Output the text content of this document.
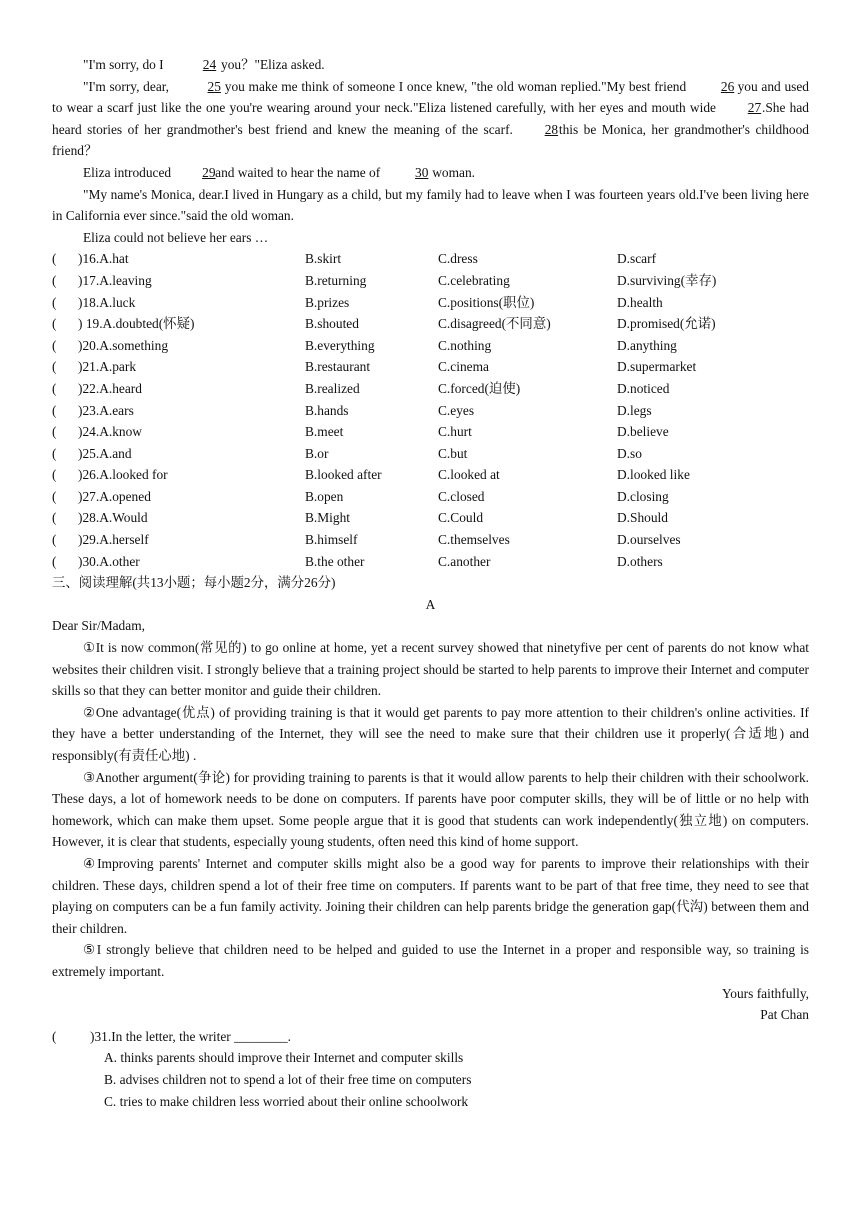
"I'm sorry, do I	24 you？"Eliza asked.

"I'm sorry, dear,	25 you make me think of someone I once knew, "the old woman replied."My best friend 26 you and used to wear a scarf just like the one you're wearing around your neck."Eliza listened carefully, with her eyes and mouth wide 27.She had heard stories of her grandmother's best friend and knew the meaning of the scarf. 28this be Monica, her grandmother's childhood friend？

Eliza introduced 29and waited to hear the name of	30 woman.

"My name's Monica, dear.I lived in Hungary as a child, but my family had to leave when I was fourteen years old.I've been living here in California ever since."said the old woman.

Eliza could not believe her ears …

( )16.A.hat	B.skirt	C.dress	D.scarf
( )17.A.leaving	B.returning	C.celebrating	D.surviving(幸存)
( )18.A.luck	B.prizes	C.positions(职位)	D.health
( ) 19.A.doubted(怀疑)	B.shouted	C.disagreed(不同意)	D.promised(允诺)
( )20.A.something	B.everything	C.nothing	D.anything
( )21.A.park	B.restaurant	C.cinema	D.supermarket
( )22.A.heard	B.realized	C.forced(迫使)	D.noticed
( )23.A.ears	B.hands	C.eyes	D.legs
( )24.A.know	B.meet	C.hurt	D.believe
( )25.A.and	B.or	C.but	D.so
( )26.A.looked for	B.looked after	C.looked at	D.looked like
( )27.A.opened	B.open	C.closed	D.closing
( )28.A.Would	B.Might	C.Could	D.Should
( )29.A.herself	B.himself	C.themselves	D.ourselves
( )30.A.other	B.the other	C.another	D.others

三、阅读理解(共13小题；每小题2分，满分26分)

A

Dear Sir/Madam,

①It is now common(常见的) to go online at home, yet a recent survey showed that ninetyfive per cent of parents do not know what websites their children visit. I strongly believe that a training project should be started to help parents to improve their Internet and computer skills so that they can better monitor and guide their children.

②One advantage(优点) of providing training is that it would get parents to pay more attention to their children's online activities. If they have a better understanding of the Internet, they will see the need to make sure that their children use it properly(合适地) and responsibly(有责任心地) .

③Another argument(争论) for providing training to parents is that it would allow parents to help their children with their schoolwork. These days, a lot of homework needs to be done on computers. If parents have poor computer skills, they will be of little or no help with homework, which can make them upset. Some people argue that it is good that students can work independently(独立地) on computers. However, it is clear that students, especially young students, often need this kind of home support.

④Improving parents' Internet and computer skills might also be a good way for parents to improve their relationships with their children. These days, children spend a lot of their free time on computers. If parents want to be part of that free time, they need to see that playing on computers can be a fun family activity. Joining their children can help parents bridge the generation gap(代沟) between them and their children.

⑤I strongly believe that children need to be helped and guided to use the Internet in a proper and responsible way, so training is extremely important.

Yours faithfully,

Pat Chan

(	)31.In the letter, the writer ________.

A. thinks parents should improve their Internet and computer skills

B. advises children not to spend a lot of their free time on computers

C. tries to make children less worried about their online schoolwork
